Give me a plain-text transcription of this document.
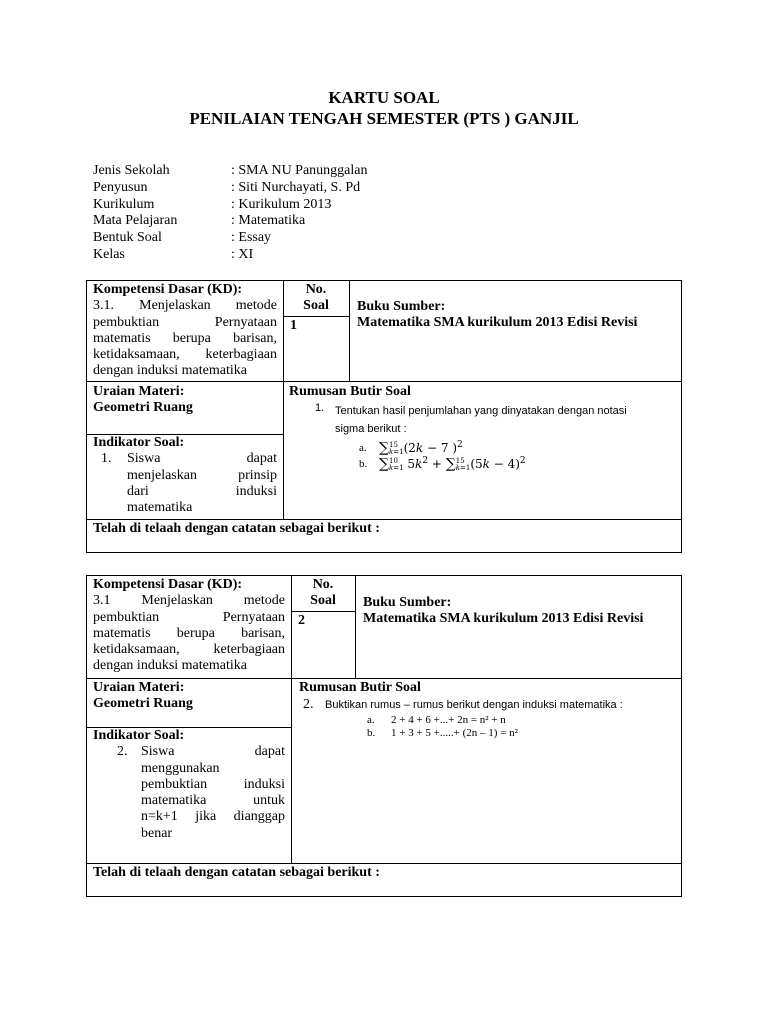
KARTU SOAL
PENILAIAN TENGAH SEMESTER (PTS ) GANJIL
Jenis Sekolah	: SMA NU Panunggalan
Penyusun	: Siti Nurchayati, S. Pd
Kurikulum	: Kurikulum 2013
Mata Pelajaran	: Matematika
Bentuk Soal	: Essay
Kelas	: XI
Kompetensi Dasar (KD):
3.1. Menjelaskan metode
pembuktian Pernyataan
matematis berupa barisan,
ketidaksamaan, keterbagiaan
dengan induksi matematika
No.
Soal
1
Buku Sumber:
Matematika SMA kurikulum 2013 Edisi Revisi
Uraian Materi:
Geometri Ruang
Rumusan Butir Soal
1. Tentukan hasil penjumlahan yang dinyatakan dengan notasi
sigma berikut :
a. ∑ 15
k=1 (2k − 7 )$^2$
b. ∑ 10
k=1 $5k^2$ + ∑ 15
k=1 $(5k - 4)^2$
Indikator Soal:
1.	Siswa dapat
menjelaskan prinsip
dari induksi
matematika
Telah di telaah dengan catatan sebagai berikut :
Kompetensi Dasar (KD):
3.1 Menjelaskan metode
pembuktian Pernyataan
matematis berupa barisan,
ketidaksamaan, keterbagiaan
dengan induksi matematika
No.
Soal
2
Buku Sumber:
Matematika SMA kurikulum 2013 Edisi Revisi
Uraian Materi:
Geometri Ruang
Rumusan Butir Soal
2.	Buktikan rumus – rumus berikut dengan induksi matematika :
a.	2 + 4 + 6 +...+ 2n = n² + n
b.	1 + 3 + 5 +.....+ (2n – 1) = n²
Indikator Soal:
2. Siswa dapat
menggunakan
pembuktian induksi
matematika untuk
n=k+1 jika dianggap
benar
Telah di telaah dengan catatan sebagai berikut :
